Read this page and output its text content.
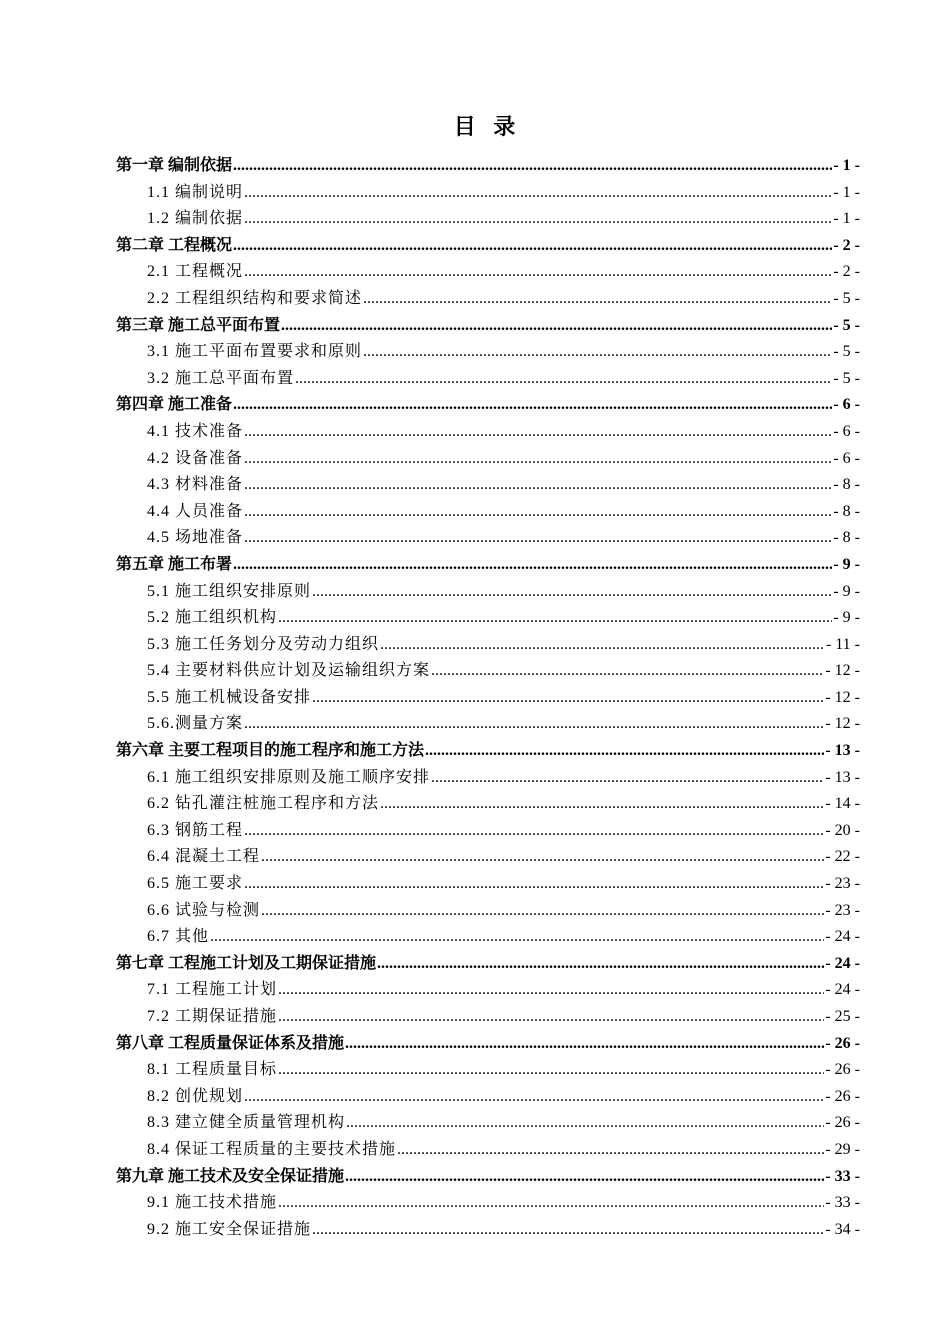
目 录
第一章 编制依据 .....	- 1 -
1.1 编制说明 .....	- 1 -
1.2 编制依据 .....	- 1 -
第二章 工程概况 .....	- 2 -
2.1 工程概况 .....	- 2 -
2.2 工程组织结构和要求简述 .....	- 5 -
第三章 施工总平面布置 .....	- 5 -
3.1 施工平面布置要求和原则 .....	- 5 -
3.2 施工总平面布置 .....	- 5 -
第四章 施工准备 .....	- 6 -
4.1 技术准备 .....	- 6 -
4.2 设备准备 .....	- 6 -
4.3 材料准备 .....	- 8 -
4.4 人员准备 .....	- 8 -
4.5 场地准备 .....	- 8 -
第五章 施工布署 .....	- 9 -
5.1 施工组织安排原则 .....	- 9 -
5.2 施工组织机构 .....	- 9 -
5.3 施工任务划分及劳动力组织 .....	- 11 -
5.4 主要材料供应计划及运输组织方案 .....	- 12 -
5.5 施工机械设备安排 .....	- 12 -
5.6.测量方案 .....	- 12 -
第六章 主要工程项目的施工程序和施工方法 .....	- 13 -
6.1 施工组织安排原则及施工顺序安排 .....	- 13 -
6.2 钻孔灌注桩施工程序和方法 .....	- 14 -
6.3 钢筋工程 .....	- 20 -
6.4 混凝土工程 .....	- 22 -
6.5 施工要求 .....	- 23 -
6.6 试验与检测 .....	- 23 -
6.7 其他 .....	- 24 -
第七章 工程施工计划及工期保证措施 .....	- 24 -
7.1 工程施工计划 .....	- 24 -
7.2 工期保证措施 .....	- 25 -
第八章 工程质量保证体系及措施 .....	- 26 -
8.1 工程质量目标 .....	- 26 -
8.2 创优规划 .....	- 26 -
8.3 建立健全质量管理机构 .....	- 26 -
8.4 保证工程质量的主要技术措施 .....	- 29 -
第九章 施工技术及安全保证措施 .....	- 33 -
9.1 施工技术措施 .....	- 33 -
9.2 施工安全保证措施 .....	- 34 -
